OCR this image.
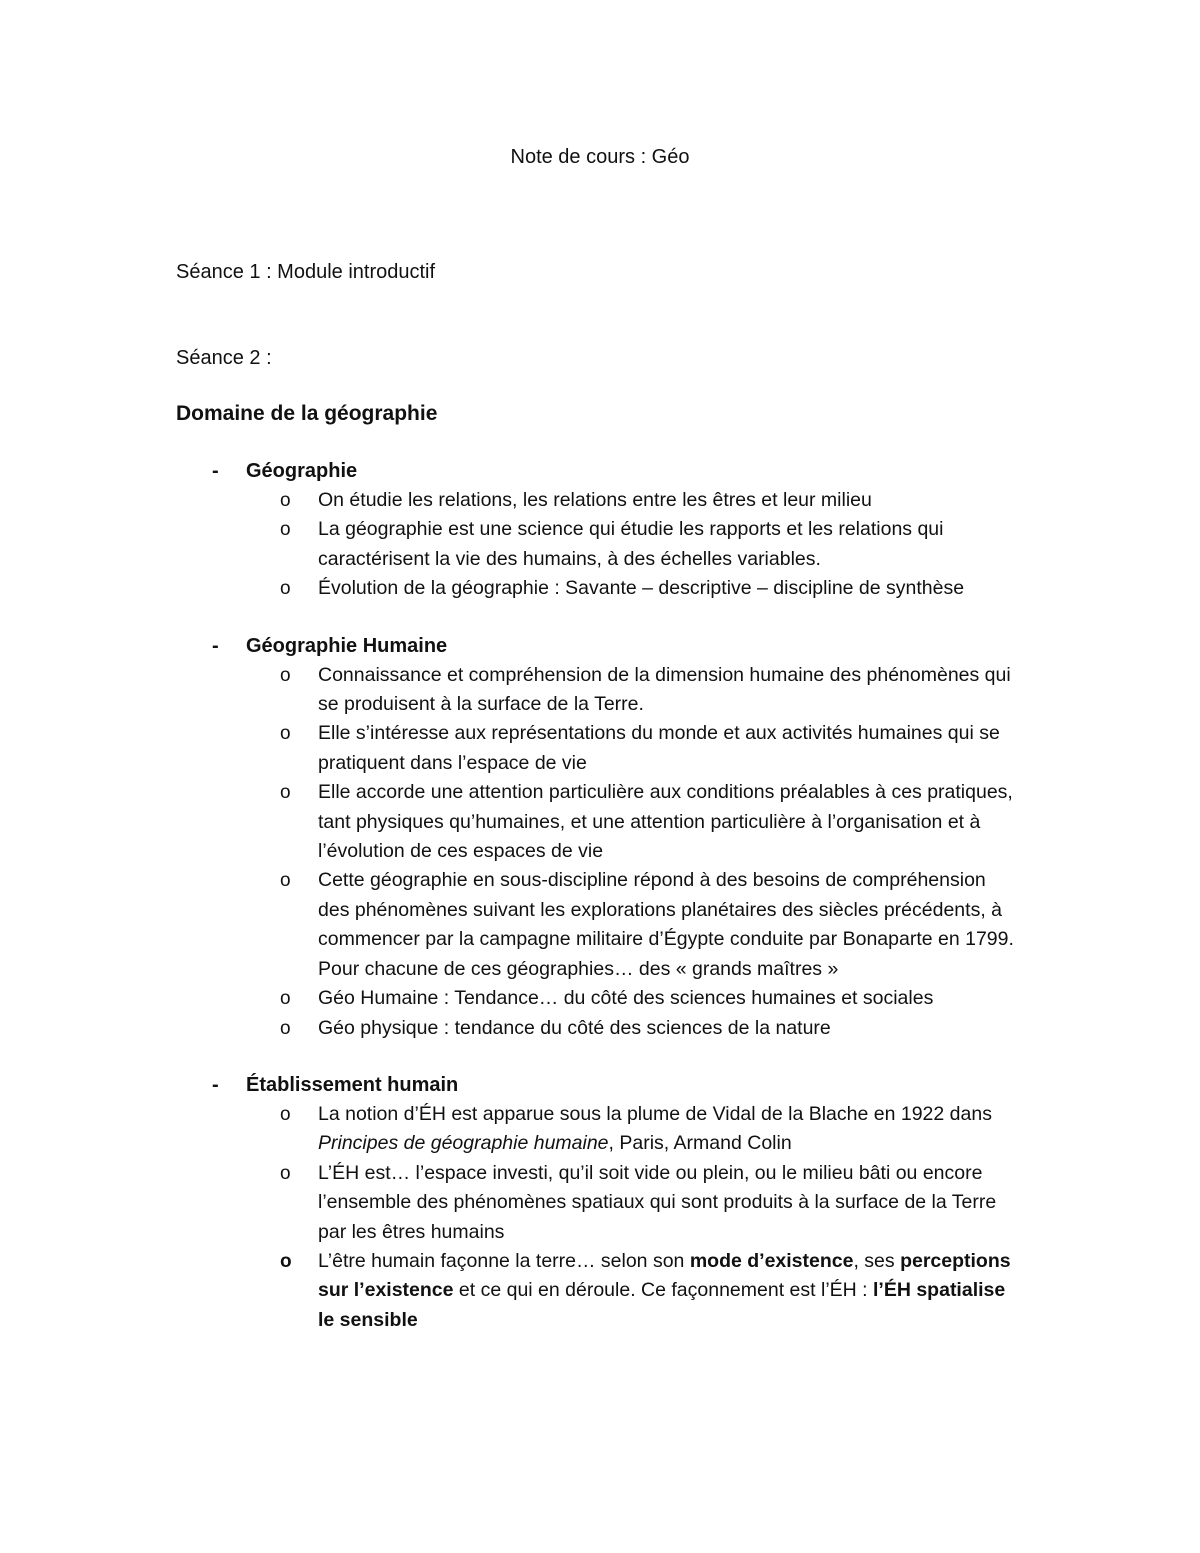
Note de cours : Géo
Séance 1 : Module introductif
Séance 2 :
Domaine de la géographie
- Géographie
o On étudie les relations, les relations entre les êtres et leur milieu
o La géographie est une science qui étudie les rapports et les relations qui caractérisent la vie des humains, à des échelles variables.
o Évolution de la géographie : Savante – descriptive – discipline de synthèse
- Géographie Humaine
o Connaissance et compréhension de la dimension humaine des phénomènes qui se produisent à la surface de la Terre.
o Elle s’intéresse aux représentations du monde et aux activités humaines qui se pratiquent dans l’espace de vie
o Elle accorde une attention particulière aux conditions préalables à ces pratiques, tant physiques qu’humaines, et une attention particulière à l’organisation et à l’évolution de ces espaces de vie
o Cette géographie en sous-discipline répond à des besoins de compréhension des phénomènes suivant les explorations planétaires des siècles précédents, à commencer par la campagne militaire d’Égypte conduite par Bonaparte en 1799. Pour chacune de ces géographies… des « grands maîtres »
o Géo Humaine : Tendance… du côté des sciences humaines et sociales
o Géo physique : tendance du côté des sciences de la nature
- Établissement humain
o La notion d’ÉH est apparue sous la plume de Vidal de la Blache en 1922 dans Principes de géographie humaine, Paris, Armand Colin
o L’ÉH est… l’espace investi, qu’il soit vide ou plein, ou le milieu bâti ou encore l’ensemble des phénomènes spatiaux qui sont produits à la surface de la Terre par les êtres humains
o L’être humain façonne la terre… selon son mode d’existence, ses perceptions sur l’existence et ce qui en déroule. Ce façonnement est l’ÉH : l’ÉH spatialise le sensible
